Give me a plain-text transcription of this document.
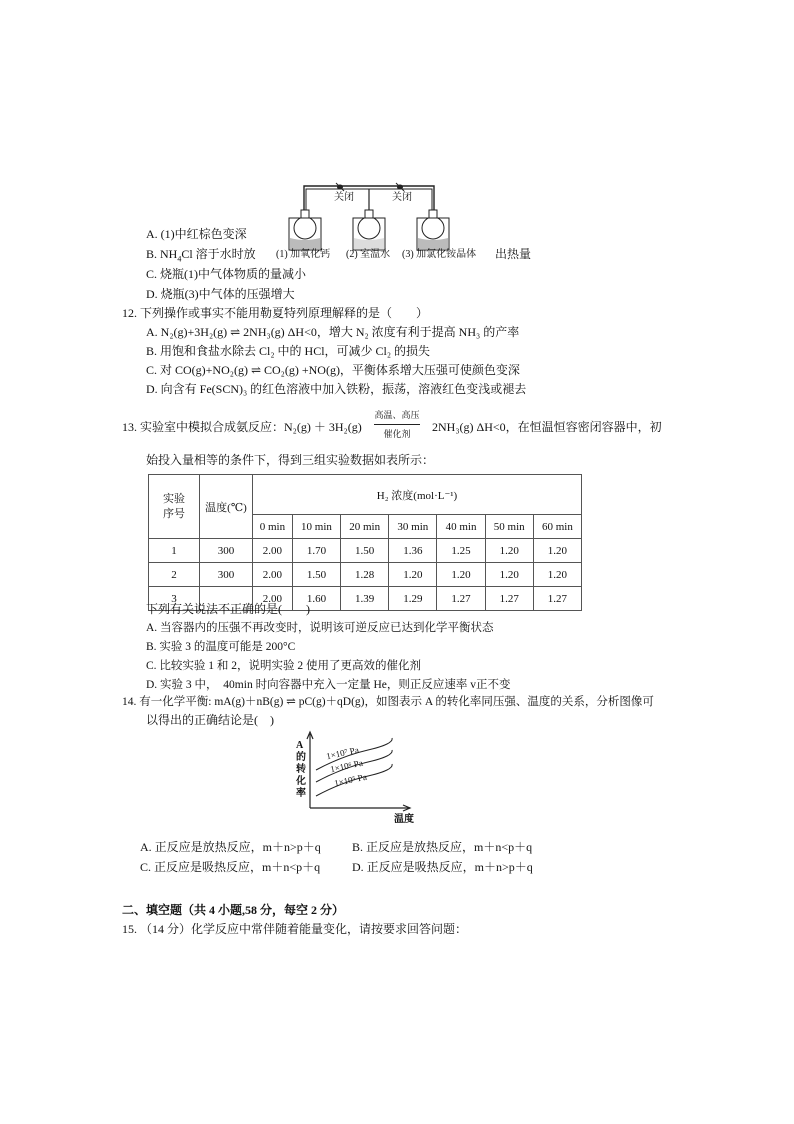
关闭	关闭
A. (1)中红棕色变深
B. $NH_4Cl$ 溶于水时放 (1) 加氧化钙 (2) 室温水 (3) 加氯化铵晶体 出热量
C. 烧瓶(1)中气体物质的量减小
D. 烧瓶(3)中气体的压强增大
12. 下列操作或事实不能用勒夏特列原理解释的是（　　）
A. N₂(g)+3H₂(g) ⇌ 2NH₃(g) ΔH<0，增大 N₂ 浓度有利于提高 NH₃ 的产率
B. 用饱和食盐水除去 Cl₂ 中的 HCl，可减少 Cl₂ 的损失
C. 对 CO(g)+NO₂(g) ⇌ CO₂(g) +NO(g)，平衡体系增大压强可使颜色变深
D. 向含有 Fe(SCN)₃ 的红色溶液中加入铁粉，振荡，溶液红色变浅或褪去
13. 实验室中模拟合成氨反应：N₂(g) ＋ 3H₂(g)
高温、高压
催化剂	2NH₃(g) ΔH<0，在恒温恒容密闭容器中，初
始投入量相等的条件下，得到三组实验数据如表所示：
实验序号	温度(℃)	H₂ 浓度(mol·L⁻¹)						
		0 min	10 min	20 min	30 min	40 min	50 min	60 min
1	300	2.00	1.70	1.50	1.36	1.25	1.20	1.20
2	300	2.00	1.50	1.28	1.20	1.20	1.20	1.20
3		2.00	1.60	1.39	1.29	1.27	1.27	1.27
下列有关说法不正确的是(　　)
A. 当容器内的压强不再改变时，说明该可逆反应已达到化学平衡状态
B. 实验 3 的温度可能是 200°C
C. 比较实验 1 和 2，说明实验 2 使用了更高效的催化剂
D. 实验 3 中，　40min 时向容器中充入一定量 He，则正反应速率 v正不变
14. 有一化学平衡: mA(g)＋nB(g) ⇌ pC(g)＋qD(g)，如图表示 A 的转化率同压强、温度的关系，分析图像可
以得出的正确结论是(　)
A
的
转
化
率
1×10⁷ Pa
1×10⁶ Pa
1×10⁵ Pa
温度
A. 正反应是放热反应，m＋n>p＋q	B. 正反应是放热反应，m＋n<p＋q
C. 正反应是吸热反应，m＋n<p＋q	D. 正反应是吸热反应，m＋n>p＋q
二、填空题（共 4 小题,58 分，每空 2 分）
15. （14 分）化学反应中常伴随着能量变化，请按要求回答问题：
